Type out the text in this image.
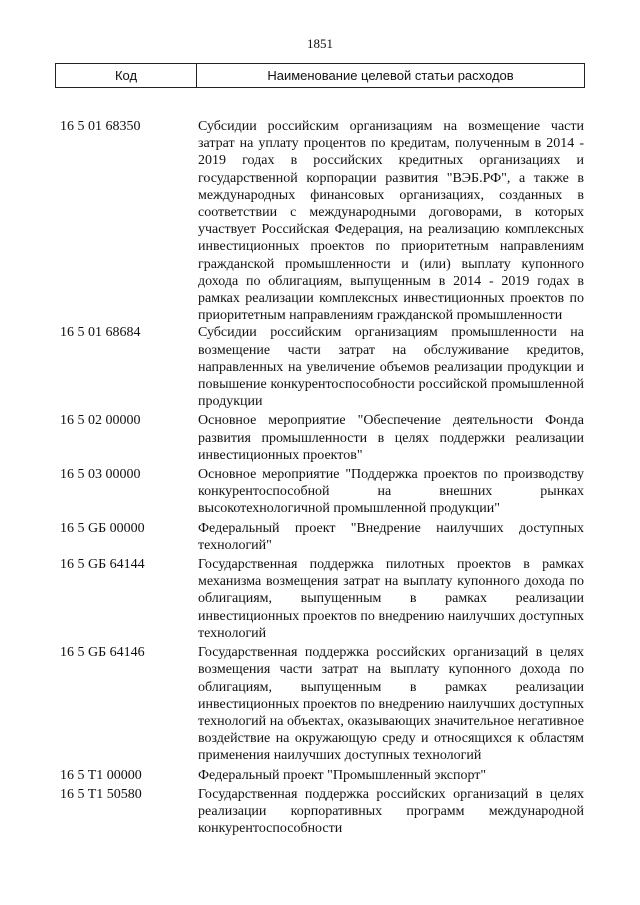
1851
Код	Наименование целевой статьи расходов
16 5 01 68350	Субсидии российским организациям на возмещение части затрат на уплату процентов по кредитам, полученным в 2014 - 2019 годах в российских кредитных организациях и государственной корпорации развития "ВЭБ.РФ", а также в международных финансовых организациях, созданных в соответствии с международными договорами, в которых участвует Российская Федерация, на реализацию комплексных инвестиционных проектов по приоритетным направлениям гражданской промышленности и (или) выплату купонного дохода по облигациям, выпущенным в 2014 - 2019 годах в рамках реализации комплексных инвестиционных проектов по приоритетным направлениям гражданской промышленности
16 5 01 68684	Субсидии российским организациям промышленности на возмещение части затрат на обслуживание кредитов, направленных на увеличение объемов реализации продукции и повышение конкурентоспособности российской промышленной продукции
16 5 02 00000	Основное мероприятие "Обеспечение деятельности Фонда развития промышленности в целях поддержки реализации инвестиционных проектов"
16 5 03 00000	Основное мероприятие "Поддержка проектов по производству конкурентоспособной на внешних рынках высокотехнологичной промышленной продукции"
16 5 GБ 00000	Федеральный проект "Внедрение наилучших доступных технологий"
16 5 GБ 64144	Государственная поддержка пилотных проектов в рамках механизма возмещения затрат на выплату купонного дохода по облигациям, выпущенным в рамках реализации инвестиционных проектов по внедрению наилучших доступных технологий
16 5 GБ 64146	Государственная поддержка российских организаций в целях возмещения части затрат на выплату купонного дохода по облигациям, выпущенным в рамках реализации инвестиционных проектов по внедрению наилучших доступных технологий на объектах, оказывающих значительное негативное воздействие на окружающую среду и относящихся к областям применения наилучших доступных технологий
16 5 T1 00000	Федеральный проект "Промышленный экспорт"
16 5 T1 50580	Государственная поддержка российских организаций в целях реализации корпоративных программ международной конкурентоспособности
